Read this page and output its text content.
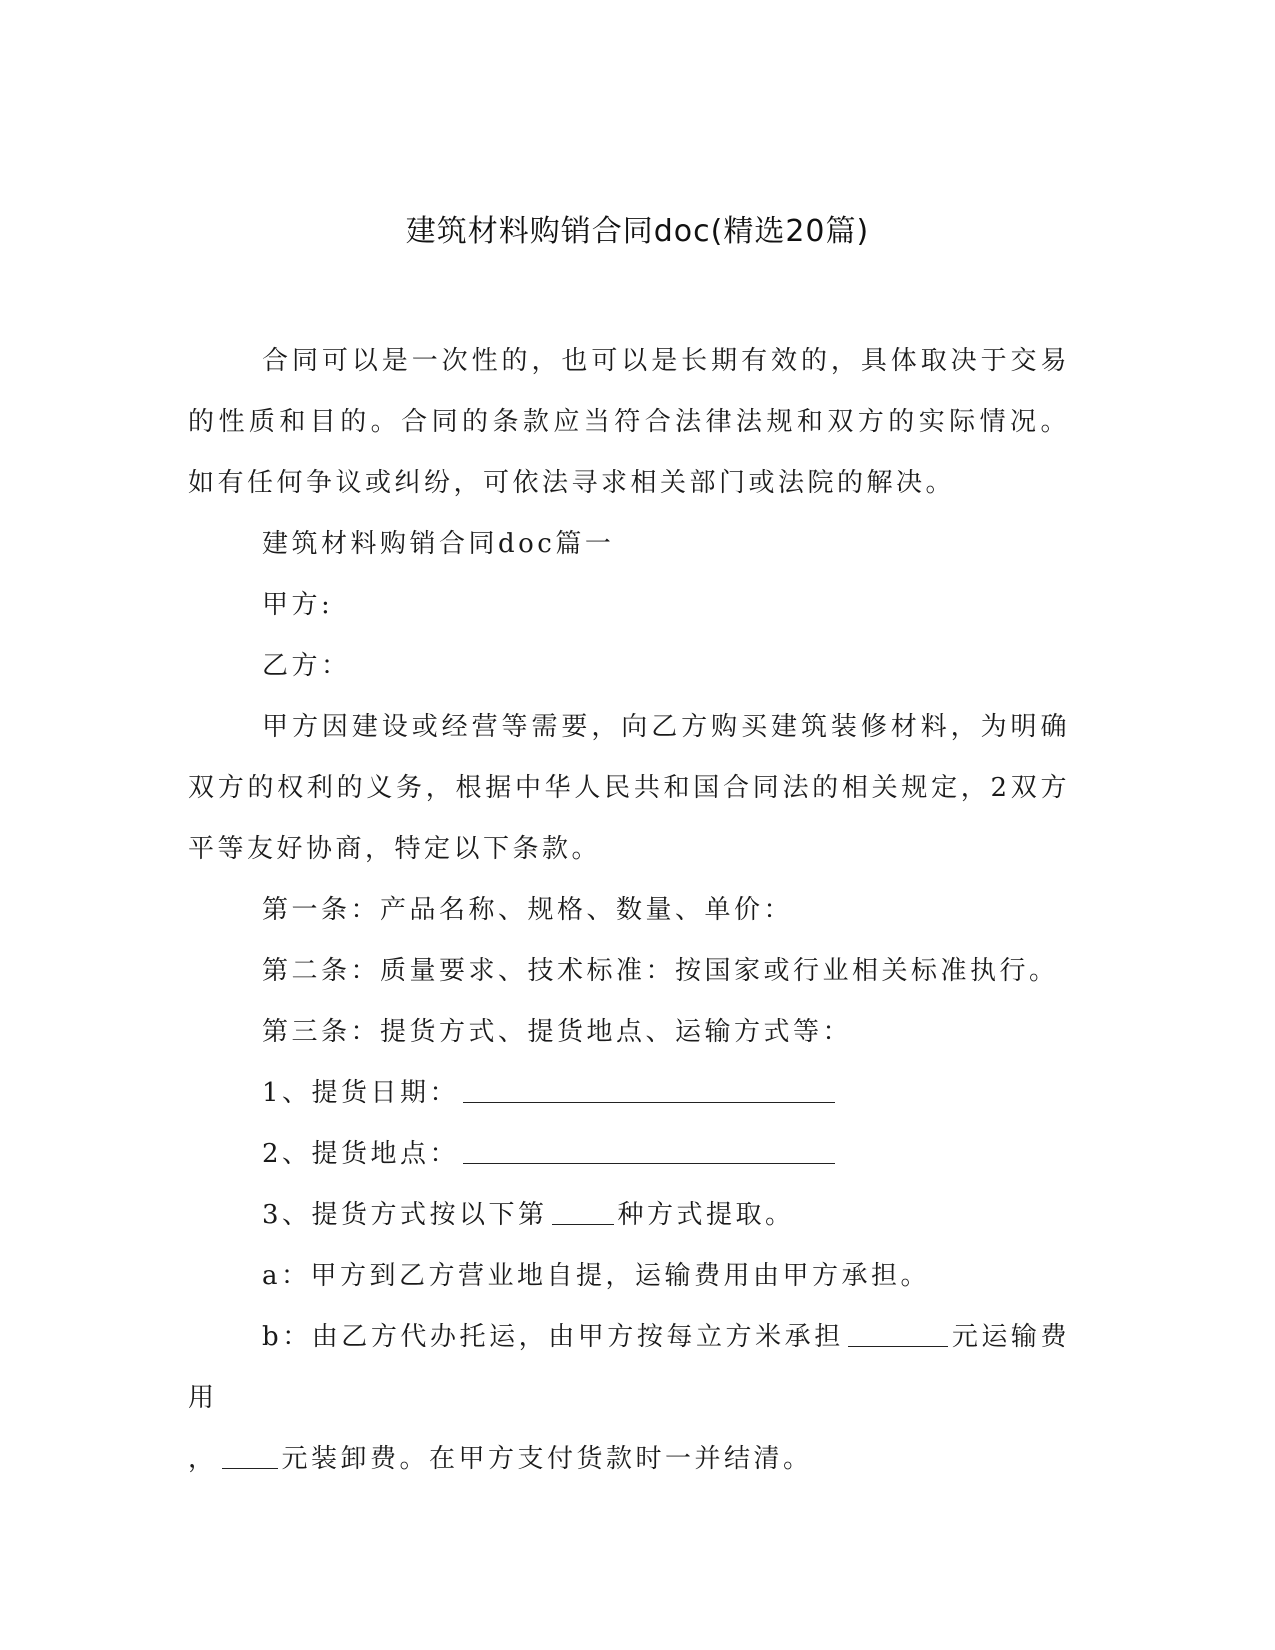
建筑材料购销合同doc(精选20篇)

合同可以是一次性的，也可以是长期有效的，具体取决于交易的性质和目的。合同的条款应当符合法律法规和双方的实际情况。如有任何争议或纠纷，可依法寻求相关部门或法院的解决。

建筑材料购销合同doc篇一

甲方:

乙方：

甲方因建设或经营等需要，向乙方购买建筑装修材料，为明确双方的权利的义务，根据中华人民共和国合同法的相关规定，2双方平等友好协商，特定以下条款。

第一条：产品名称、规格、数量、单价：

第二条：质量要求、技术标准：按国家或行业相关标准执行。

第三条：提货方式、提货地点、运输方式等：

1、提货日期：

2、提货地点：

3、提货方式按以下第	种方式提取。

a：甲方到乙方营业地自提，运输费用由甲方承担。

b：由乙方代办托运，由甲方按每立方米承担	元运输费用

， 元装卸费。在甲方支付货款时一并结清。
